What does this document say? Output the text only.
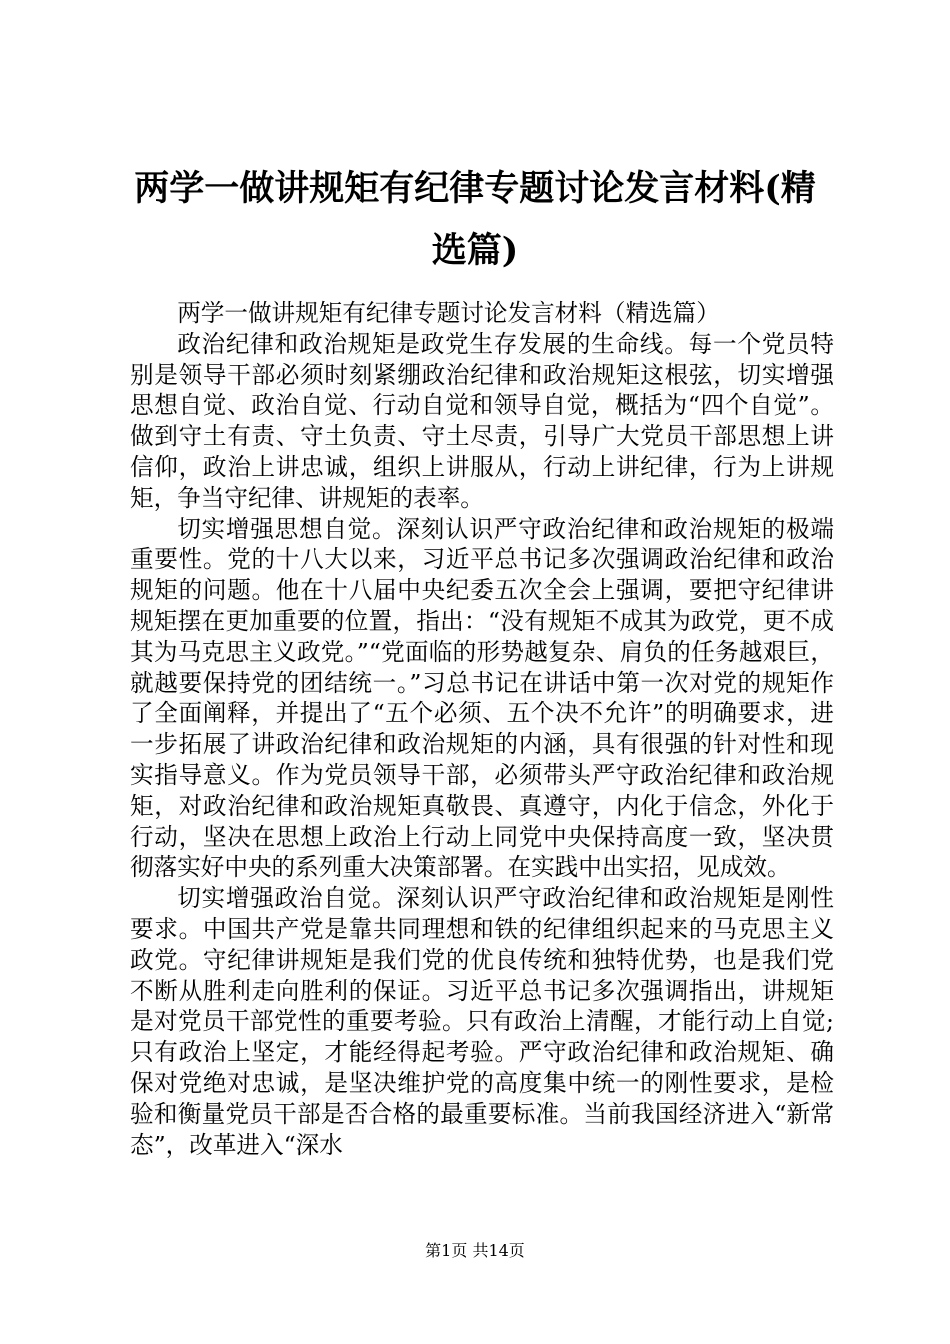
两学一做讲规矩有纪律专题讨论发言材料(精选篇)

两学一做讲规矩有纪律专题讨论发言材料（精选篇）

政治纪律和政治规矩是政党生存发展的生命线。每一个党员特别是领导干部必须时刻紧绷政治纪律和政治规矩这根弦，切实增强思想自觉、政治自觉、行动自觉和领导自觉，概括为“四个自觉”。做到守土有责、守土负责、守土尽责，引导广大党员干部思想上讲信仰，政治上讲忠诚，组织上讲服从，行动上讲纪律，行为上讲规矩，争当守纪律、讲规矩的表率。

切实增强思想自觉。深刻认识严守政治纪律和政治规矩的极端重要性。党的十八大以来，习近平总书记多次强调政治纪律和政治规矩的问题。他在十八届中央纪委五次全会上强调，要把守纪律讲规矩摆在更加重要的位置，指出：“没有规矩不成其为政党，更不成其为马克思主义政党。”“党面临的形势越复杂、肩负的任务越艰巨，就越要保持党的团结统一。”习总书记在讲话中第一次对党的规矩作了全面阐释，并提出了“五个必须、五个决不允许”的明确要求，进一步拓展了讲政治纪律和政治规矩的内涵，具有很强的针对性和现实指导意义。作为党员领导干部，必须带头严守政治纪律和政治规矩，对政治纪律和政治规矩真敬畏、真遵守，内化于信念，外化于行动，坚决在思想上政治上行动上同党中央保持高度一致，坚决贯彻落实好中央的系列重大决策部署。在实践中出实招，见成效。

切实增强政治自觉。深刻认识严守政治纪律和政治规矩是刚性要求。中国共产党是靠共同理想和铁的纪律组织起来的马克思主义政党。守纪律讲规矩是我们党的优良传统和独特优势，也是我们党不断从胜利走向胜利的保证。习近平总书记多次强调指出，讲规矩是对党员干部党性的重要考验。只有政治上清醒，才能行动上自觉;只有政治上坚定，才能经得起考验。严守政治纪律和政治规矩、确保对党绝对忠诚，是坚决维护党的高度集中统一的刚性要求，是检验和衡量党员干部是否合格的最重要标准。当前我国经济进入“新常态”，改革进入“深水

第1页 共14页
